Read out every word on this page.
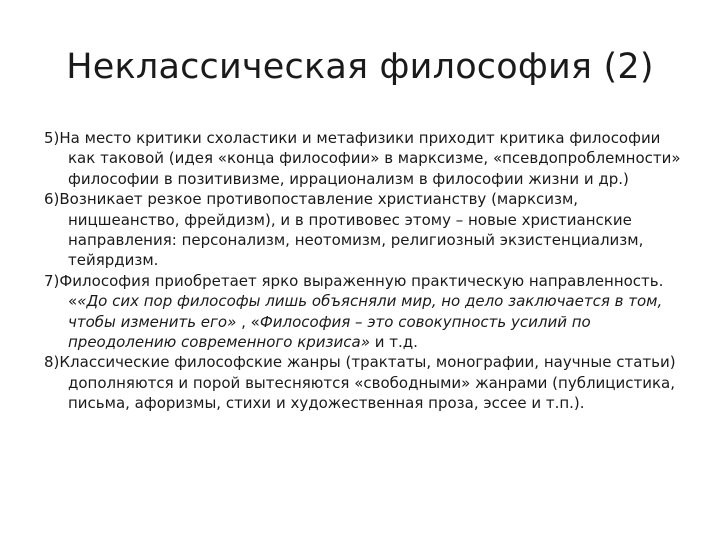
Неклассическая философия (2)

5)На место критики схоластики и метафизики приходит критика философии как таковой (идея «конца философии» в марксизме, «псевдопроблемности» философии в позитивизме, иррационализм в философии жизни и др.)

6)Возникает резкое противопоставление христианству (марксизм, ницшеанство, фрейдизм), и в противовес этому – новые христианские направления: персонализм, неотомизм, религиозный экзистенциализм, тейярдизм.

7)Философия приобретает ярко выраженную практическую направленность. ««До сих пор философы лишь объясняли мир, но дело заключается в том, чтобы изменить его» , «Философия – это совокупность усилий по преодолению современного кризиса» и т.д.

8)Классические философские жанры (трактаты, монографии, научные статьи) дополняются и порой вытесняются «свободными» жанрами (публицистика, письма, афоризмы, стихи и художественная проза, эссее и т.п.).
